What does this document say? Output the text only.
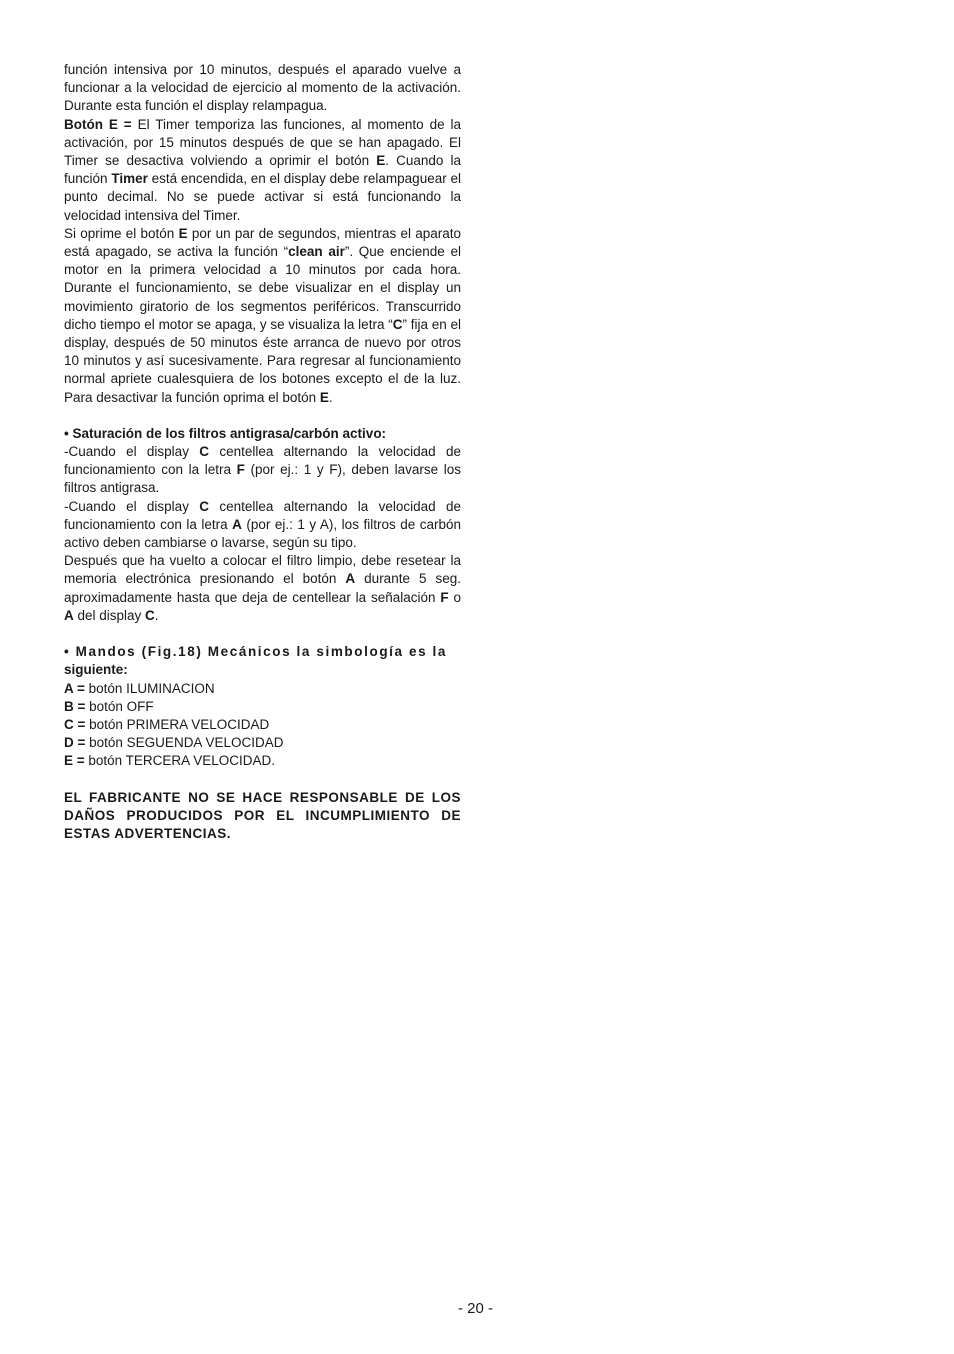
función intensiva por 10 minutos, después el aparado vuelve a funcionar a la velocidad de ejercicio al momento de la activación. Durante esta función el display relampagua.

Botón E = El Timer temporiza las funciones, al momento de la activación, por 15 minutos después de que se han apagado. El Timer se desactiva volviendo a oprimir el botón E. Cuando la función Timer está encendida, en el display debe relampaguear el punto decimal. No se puede activar si está funcionando la velocidad intensiva del Timer.

Si oprime el botón E por un par de segundos, mientras el aparato está apagado, se activa la función “clean air”. Que enciende el motor en la primera velocidad a 10 minutos por cada hora. Durante el funcionamiento, se debe visualizar en el display un movimiento giratorio de los segmentos periféricos. Transcurrido dicho tiempo el motor se apaga, y se visualiza la letra “C” fija en el display, después de 50 minutos éste arranca de nuevo por otros 10 minutos y así sucesivamente. Para regresar al funcionamiento normal apriete cualesquiera de los botones excepto el de la luz. Para desactivar la función oprima el botón E.

• Saturación de los filtros antigrasa/carbón activo:

-Cuando el display C centellea alternando la velocidad de funcionamiento con la letra F (por ej.: 1 y F), deben lavarse los filtros antigrasa.

-Cuando el display C centellea alternando la velocidad de funcionamiento con la letra A (por ej.: 1 y A), los filtros de carbón activo deben cambiarse o lavarse, según su tipo.

Después que ha vuelto a colocar el filtro limpio, debe resetear la memoria electrónica presionando el botón A durante 5 seg. aproximadamente hasta que deja de centellear la señalación F o A del display C.

• Mandos (Fig.18) Mecánicos la simbología es la
siguiente:

A = botón ILUMINACION

B = botón OFF

C = botón PRIMERA VELOCIDAD

D = botón SEGUENDA VELOCIDAD

E = botón TERCERA VELOCIDAD.

EL FABRICANTE NO SE HACE RESPONSABLE DE LOS DAÑOS PRODUCIDOS POR EL INCUMPLIMIENTO DE ESTAS ADVERTENCIAS.

- 20 -
